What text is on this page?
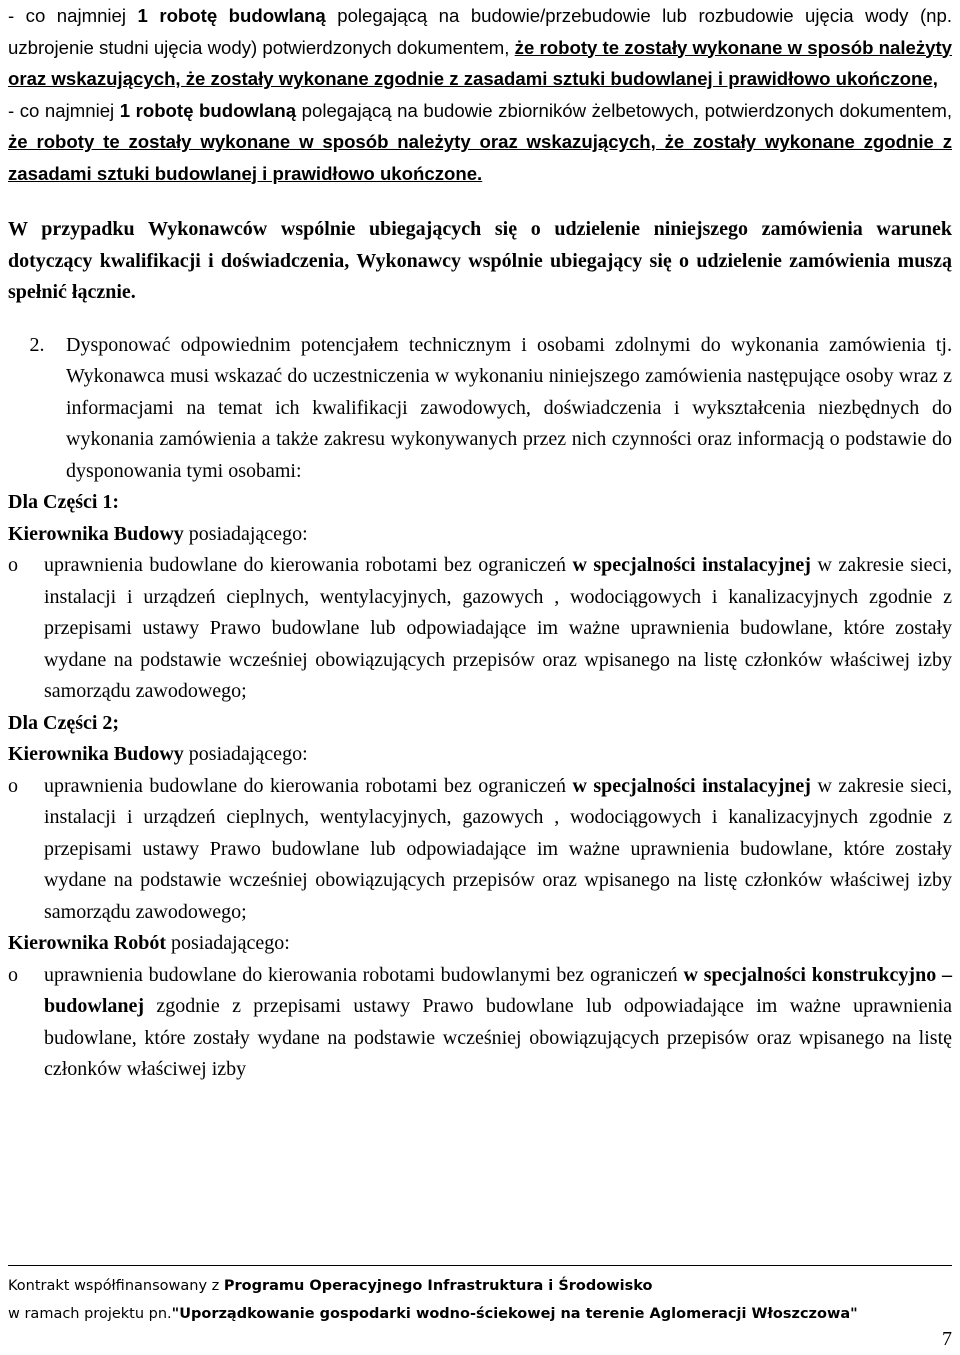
- co najmniej 1 robotę budowlaną polegającą na budowie/przebudowie lub rozbudowie ujęcia wody (np. uzbrojenie studni ujęcia wody) potwierdzonych dokumentem, że roboty te zostały wykonane w sposób należyty oraz wskazujących, że zostały wykonane zgodnie z zasadami sztuki budowlanej i prawidłowo ukończone,

- co najmniej 1 robotę budowlaną polegającą na budowie zbiorników żelbetowych, potwierdzonych dokumentem, że roboty te zostały wykonane w sposób należyty oraz wskazujących, że zostały wykonane zgodnie z zasadami sztuki budowlanej i prawidłowo ukończone.

W przypadku Wykonawców wspólnie ubiegających się o udzielenie niniejszego zamówienia warunek dotyczący kwalifikacji i doświadczenia, Wykonawcy wspólnie ubiegający się o udzielenie zamówienia muszą spełnić łącznie.

2.	Dysponować odpowiednim potencjałem technicznym i osobami zdolnymi do wykonania zamówienia tj. Wykonawca musi wskazać do uczestniczenia w wykonaniu niniejszego zamówienia następujące osoby wraz z informacjami na temat ich kwalifikacji zawodowych, doświadczenia i wykształcenia niezbędnych do wykonania zamówienia a także zakresu wykonywanych przez nich czynności oraz informacją o podstawie do dysponowania tymi osobami:

Dla Części 1:

Kierownika Budowy posiadającego:

o uprawnienia budowlane do kierowania robotami bez ograniczeń w specjalności instalacyjnej w zakresie sieci, instalacji i urządzeń cieplnych, wentylacyjnych, gazowych , wodociągowych i kanalizacyjnych zgodnie z przepisami ustawy Prawo budowlane lub odpowiadające im ważne uprawnienia budowlane, które zostały wydane na podstawie wcześniej obowiązujących przepisów oraz wpisanego na listę członków właściwej izby samorządu zawodowego;

Dla Części 2;

Kierownika Budowy posiadającego:

o uprawnienia budowlane do kierowania robotami bez ograniczeń w specjalności instalacyjnej w zakresie sieci, instalacji i urządzeń cieplnych, wentylacyjnych, gazowych , wodociągowych i kanalizacyjnych zgodnie z przepisami ustawy Prawo budowlane lub odpowiadające im ważne uprawnienia budowlane, które zostały wydane na podstawie wcześniej obowiązujących przepisów oraz wpisanego na listę członków właściwej izby samorządu zawodowego;

Kierownika Robót posiadającego:

o uprawnienia budowlane do kierowania robotami budowlanymi bez ograniczeń w specjalności konstrukcyjno – budowlanej zgodnie z przepisami ustawy Prawo budowlane lub odpowiadające im ważne uprawnienia budowlane, które zostały wydane na podstawie wcześniej obowiązujących przepisów oraz wpisanego na listę członków właściwej izby
Kontrakt współfinansowany z Programu Operacyjnego Infrastruktura i Środowisko
w ramach projektu pn."Uporządkowanie gospodarki wodno-ściekowej na terenie Aglomeracji Włoszczowa"
7
